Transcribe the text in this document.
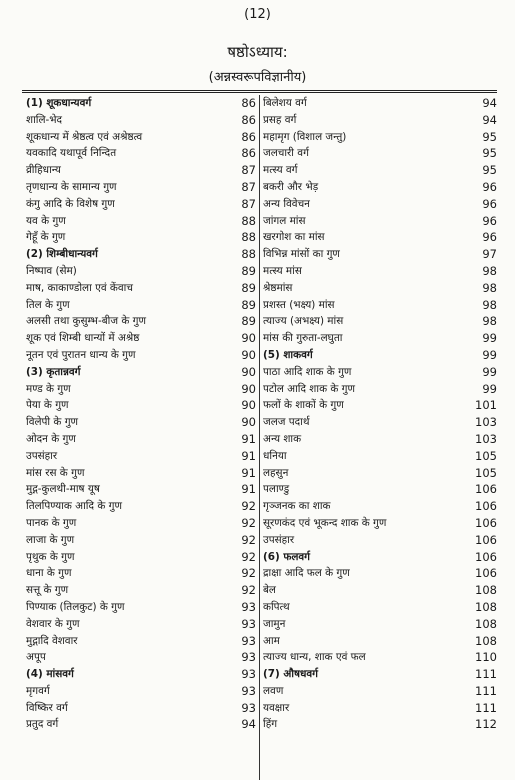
(12)
षष्ठोऽध्याय:
(अन्नस्वरूपविज्ञानीय)
(1) शूकधान्यवर्ग	86
शालि-भेद	86
शूकधान्य में श्रेष्ठत्व एवं अश्रेष्ठत्व	86
यवकादि यथापूर्व निन्दित	86
व्रीहिधान्य	87
तृणधान्य के सामान्य गुण	87
कंगु आदि के विशेष गुण	87
यव के गुण	88
गेहूँ के गुण	88
(2) शिम्बीधान्यवर्ग	88
निष्पाव (सेम)	89
माष, काकाण्डोला एवं केंवाच	89
तिल के गुण	89
अलसी तथा कुसुम्भ-बीज के गुण	89
शूक एवं शिम्बी धान्यों में अश्रेष्ठ	90
नूतन एवं पुरातन धान्य के गुण	90
(3) कृतान्नवर्ग	90
मण्ड के गुण	90
पेया के गुण	90
विलेपी के गुण	90
ओदन के गुण	91
उपसंहार	91
मांस रस के गुण	91
मुद्ग-कुलथी-माष यूष	91
तिलपिण्याक आदि के गुण	92
पानक के गुण	92
लाजा के गुण	92
पृथुक के गुण	92
धाना के गुण	92
सत्तू के गुण	92
पिण्याक (तिलकुट) के गुण	93
वेशवार के गुण	93
मुद्गादि वेशवार	93
अपूप	93
(4) मांसवर्ग	93
मृगवर्ग	93
विष्किर वर्ग	93
प्रतुद वर्ग	94
बिलेशय वर्ग	94
प्रसह वर्ग	94
महामृग (विशाल जन्तु)	95
जलचारी वर्ग	95
मत्स्य वर्ग	95
बकरी और भेड़	96
अन्य विवेचन	96
जांगल मांस	96
खरगोश का मांस	96
विभिन्न मांसों का गुण	97
मत्स्य मांस	98
श्रेष्ठमांस	98
प्रशस्त (भक्ष्य) मांस	98
त्याज्य (अभक्ष्य) मांस	98
मांस की गुरुता-लघुता	99
(5) शाकवर्ग	99
पाठा आदि शाक के गुण	99
पटोल आदि शाक के गुण	99
फलों के शाकों के गुण	101
जलज पदार्थ	103
अन्य शाक	103
धनिया	105
लहसुन	105
पलाण्डु	106
गृञ्जनक का शाक	106
सूरणकंद एवं भूकन्द शाक के गुण	106
उपसंहार	106
(6) फलवर्ग	106
द्राक्षा आदि फल के गुण	106
बेल	108
कपित्थ	108
जामुन	108
आम	108
त्याज्य धान्य, शाक एवं फल	110
(7) औषधवर्ग	111
लवण	111
यवक्षार	111
हिंग	112
